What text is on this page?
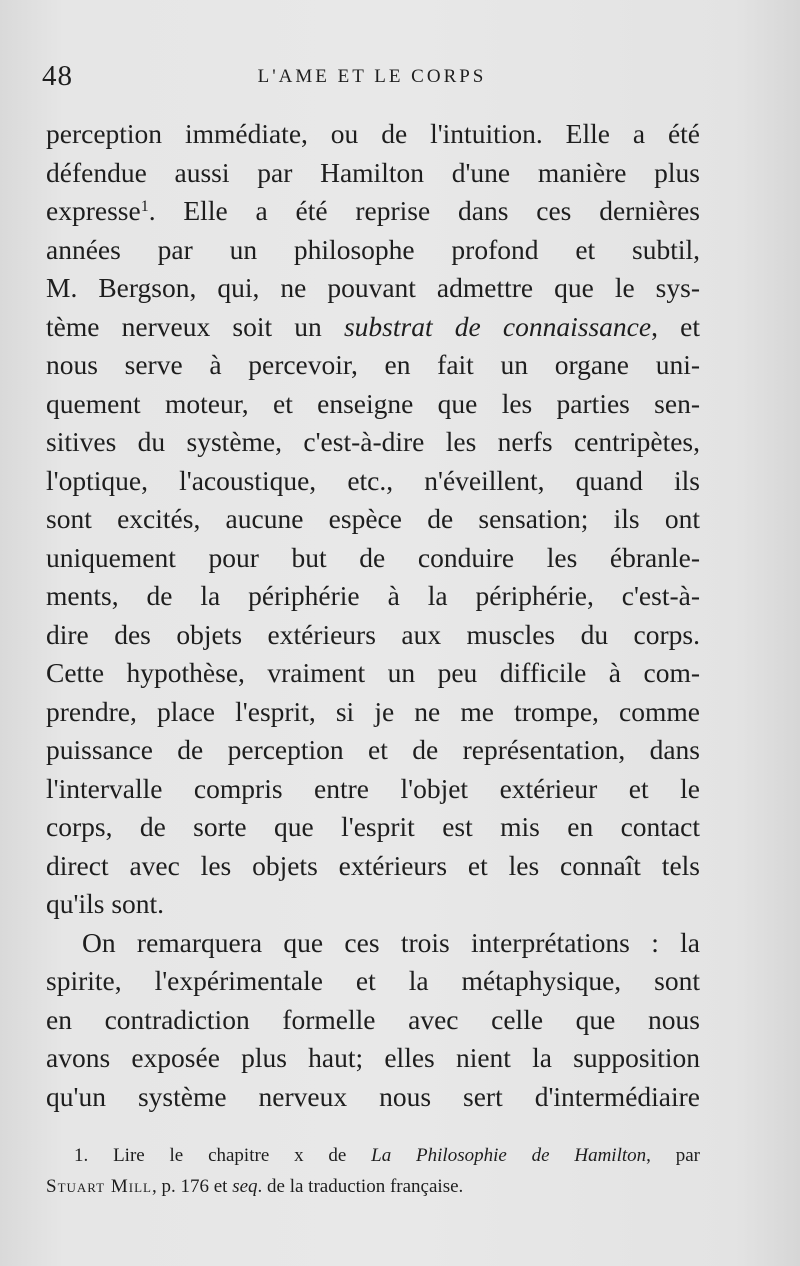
48	L'AME ET LE CORPS
perception immédiate, ou de l'intuition. Elle a été
défendue aussi par Hamilton d'une manière plus
expresse$^1$. Elle a été reprise dans ces dernières
années par un philosophe profond et subtil,
M. Bergson, qui, ne pouvant admettre que le sys-
tème nerveux soit un substrat de connaissance, et
nous serve à percevoir, en fait un organe uni-
quement moteur, et enseigne que les parties sen-
sitives du système, c'est-à-dire les nerfs centripètes,
l'optique, l'acoustique, etc., n'éveillent, quand ils
sont excités, aucune espèce de sensation; ils ont
uniquement pour but de conduire les ébranle-
ments, de la périphérie à la périphérie, c'est-à-
dire des objets extérieurs aux muscles du corps.
Cette hypothèse, vraiment un peu difficile à com-
prendre, place l'esprit, si je ne me trompe, comme
puissance de perception et de représentation, dans
l'intervalle compris entre l'objet extérieur et le
corps, de sorte que l'esprit est mis en contact
direct avec les objets extérieurs et les connaît tels
qu'ils sont.
On remarquera que ces trois interprétations : la
spirite, l'expérimentale et la métaphysique, sont
en contradiction formelle avec celle que nous
avons exposée plus haut; elles nient la supposition
qu'un système nerveux nous sert d'intermédiaire
1. Lire le chapitre x de La Philosophie de Hamilton, par
Stuart Mill, p. 176 et seq. de la traduction française.
